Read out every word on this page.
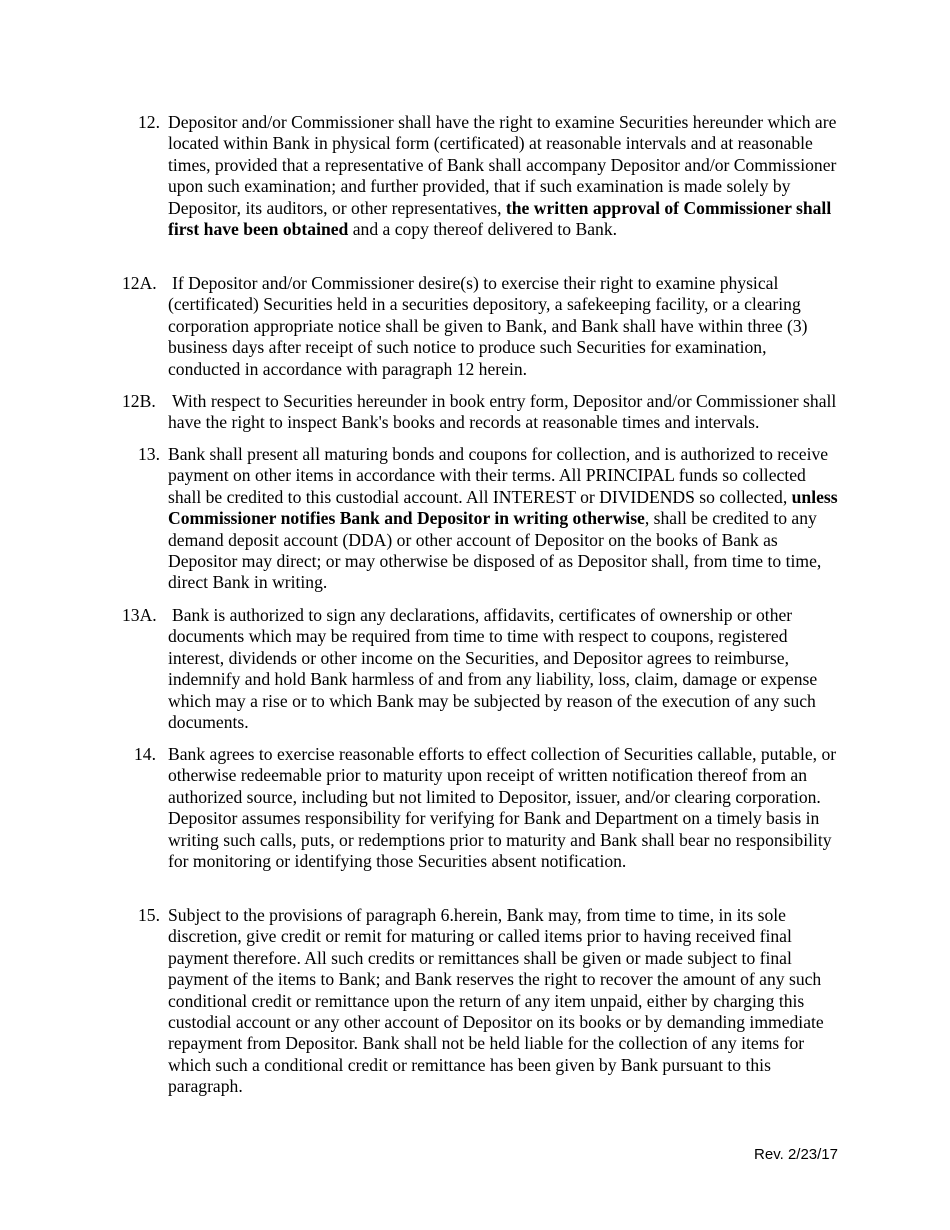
12. Depositor and/or Commissioner shall have the right to examine Securities hereunder which are located within Bank in physical form (certificated) at reasonable intervals and at reasonable times, provided that a representative of Bank shall accompany Depositor and/or Commissioner upon such examination; and further provided, that if such examination is made solely by Depositor, its auditors, or other representatives, the written approval of Commissioner shall first have been obtained and a copy thereof delivered to Bank.
12A. If Depositor and/or Commissioner desire(s) to exercise their right to examine physical (certificated) Securities held in a securities depository, a safekeeping facility, or a clearing corporation appropriate notice shall be given to Bank, and Bank shall have within three (3) business days after receipt of such notice to produce such Securities for examination, conducted in accordance with paragraph 12 herein.
12B. With respect to Securities hereunder in book entry form, Depositor and/or Commissioner shall have the right to inspect Bank's books and records at reasonable times and intervals.
13. Bank shall present all maturing bonds and coupons for collection, and is authorized to receive payment on other items in accordance with their terms. All PRINCIPAL funds so collected shall be credited to this custodial account. All INTEREST or DIVIDENDS so collected, unless Commissioner notifies Bank and Depositor in writing otherwise, shall be credited to any demand deposit account (DDA) or other account of Depositor on the books of Bank as Depositor may direct; or may otherwise be disposed of as Depositor shall, from time to time, direct Bank in writing.
13A. Bank is authorized to sign any declarations, affidavits, certificates of ownership or other documents which may be required from time to time with respect to coupons, registered interest, dividends or other income on the Securities, and Depositor agrees to reimburse, indemnify and hold Bank harmless of and from any liability, loss, claim, damage or expense which may a rise or to which Bank may be subjected by reason of the execution of any such documents.
14. Bank agrees to exercise reasonable efforts to effect collection of Securities callable, putable, or otherwise redeemable prior to maturity upon receipt of written notification thereof from an authorized source, including but not limited to Depositor, issuer, and/or clearing corporation. Depositor assumes responsibility for verifying for Bank and Department on a timely basis in writing such calls, puts, or redemptions prior to maturity and Bank shall bear no responsibility for monitoring or identifying those Securities absent notification.
15. Subject to the provisions of paragraph 6.herein, Bank may, from time to time, in its sole discretion, give credit or remit for maturing or called items prior to having received final payment therefore. All such credits or remittances shall be given or made subject to final payment of the items to Bank; and Bank reserves the right to recover the amount of any such conditional credit or remittance upon the return of any item unpaid, either by charging this custodial account or any other account of Depositor on its books or by demanding immediate repayment from Depositor. Bank shall not be held liable for the collection of any items for which such a conditional credit or remittance has been given by Bank pursuant to this paragraph.
Rev. 2/23/17
